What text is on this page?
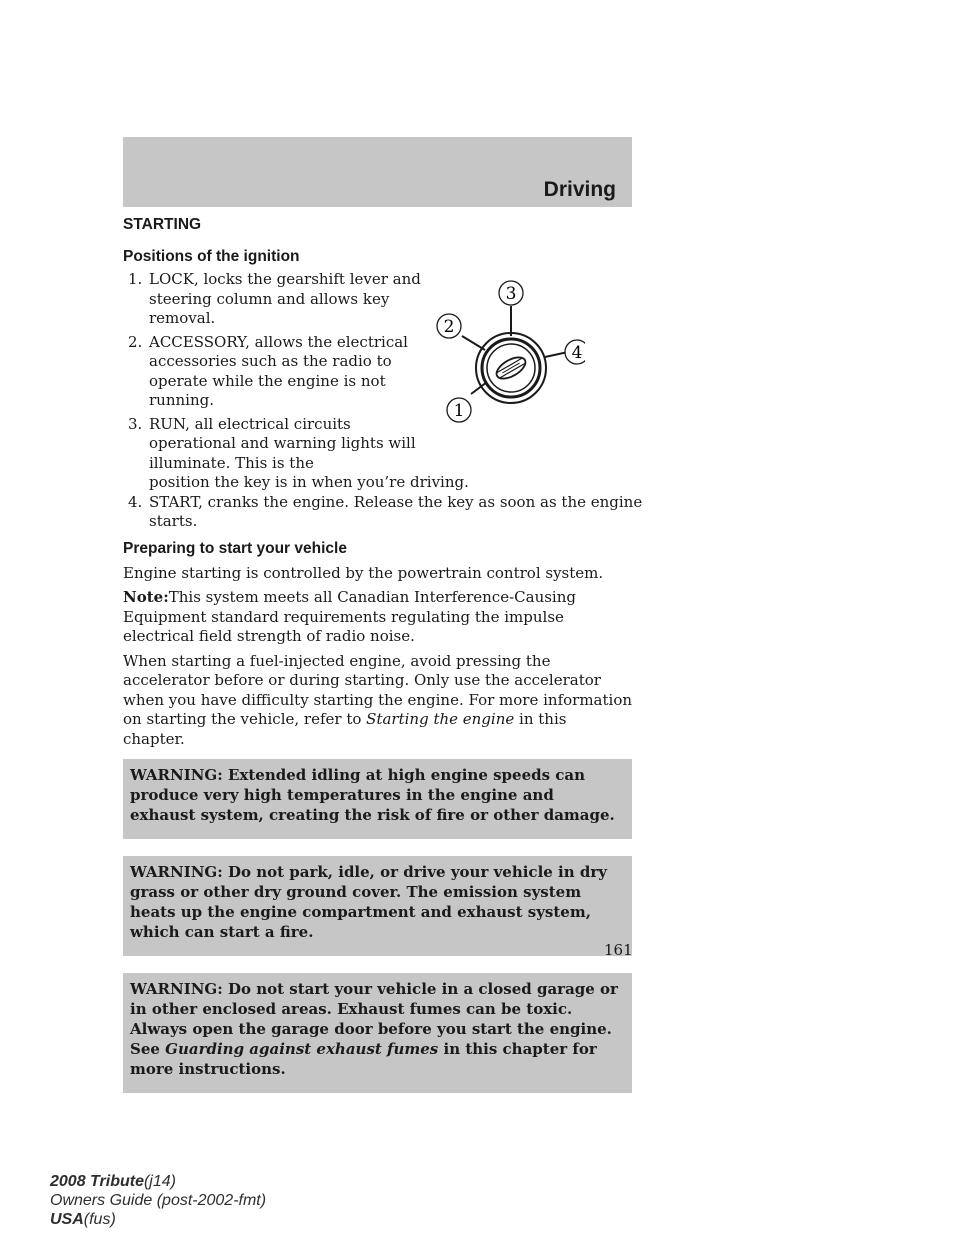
Driving

STARTING

Positions of the ignition

1. LOCK, locks the gearshift lever and steering column and allows key removal.
2. ACCESSORY, allows the electrical accessories such as the radio to operate while the engine is not running.
3. RUN, all electrical circuits operational and warning lights will illuminate. This is the
position the key is in when you’re driving.
4. START, cranks the engine. Release the key as soon as the engine starts.

Preparing to start your vehicle

Engine starting is controlled by the powertrain control system.

Note:This system meets all Canadian Interference-Causing Equipment standard requirements regulating the impulse electrical field strength of radio noise.

When starting a fuel-injected engine, avoid pressing the accelerator before or during starting. Only use the accelerator when you have difficulty starting the engine. For more information on starting the vehicle, refer to Starting the engine in this chapter.

WARNING: Extended idling at high engine speeds can produce very high temperatures in the engine and exhaust system, creating the risk of fire or other damage.
WARNING: Do not park, idle, or drive your vehicle in dry grass or other dry ground cover. The emission system heats up the engine compartment and exhaust system, which can start a fire.
WARNING: Do not start your vehicle in a closed garage or in other enclosed areas. Exhaust fumes can be toxic. Always open the garage door before you start the engine. See Guarding against exhaust fumes in this chapter for more instructions.
3
2
4
1
161
2008 Tribute(j14)
Owners Guide (post-2002-fmt)
USA(fus)
